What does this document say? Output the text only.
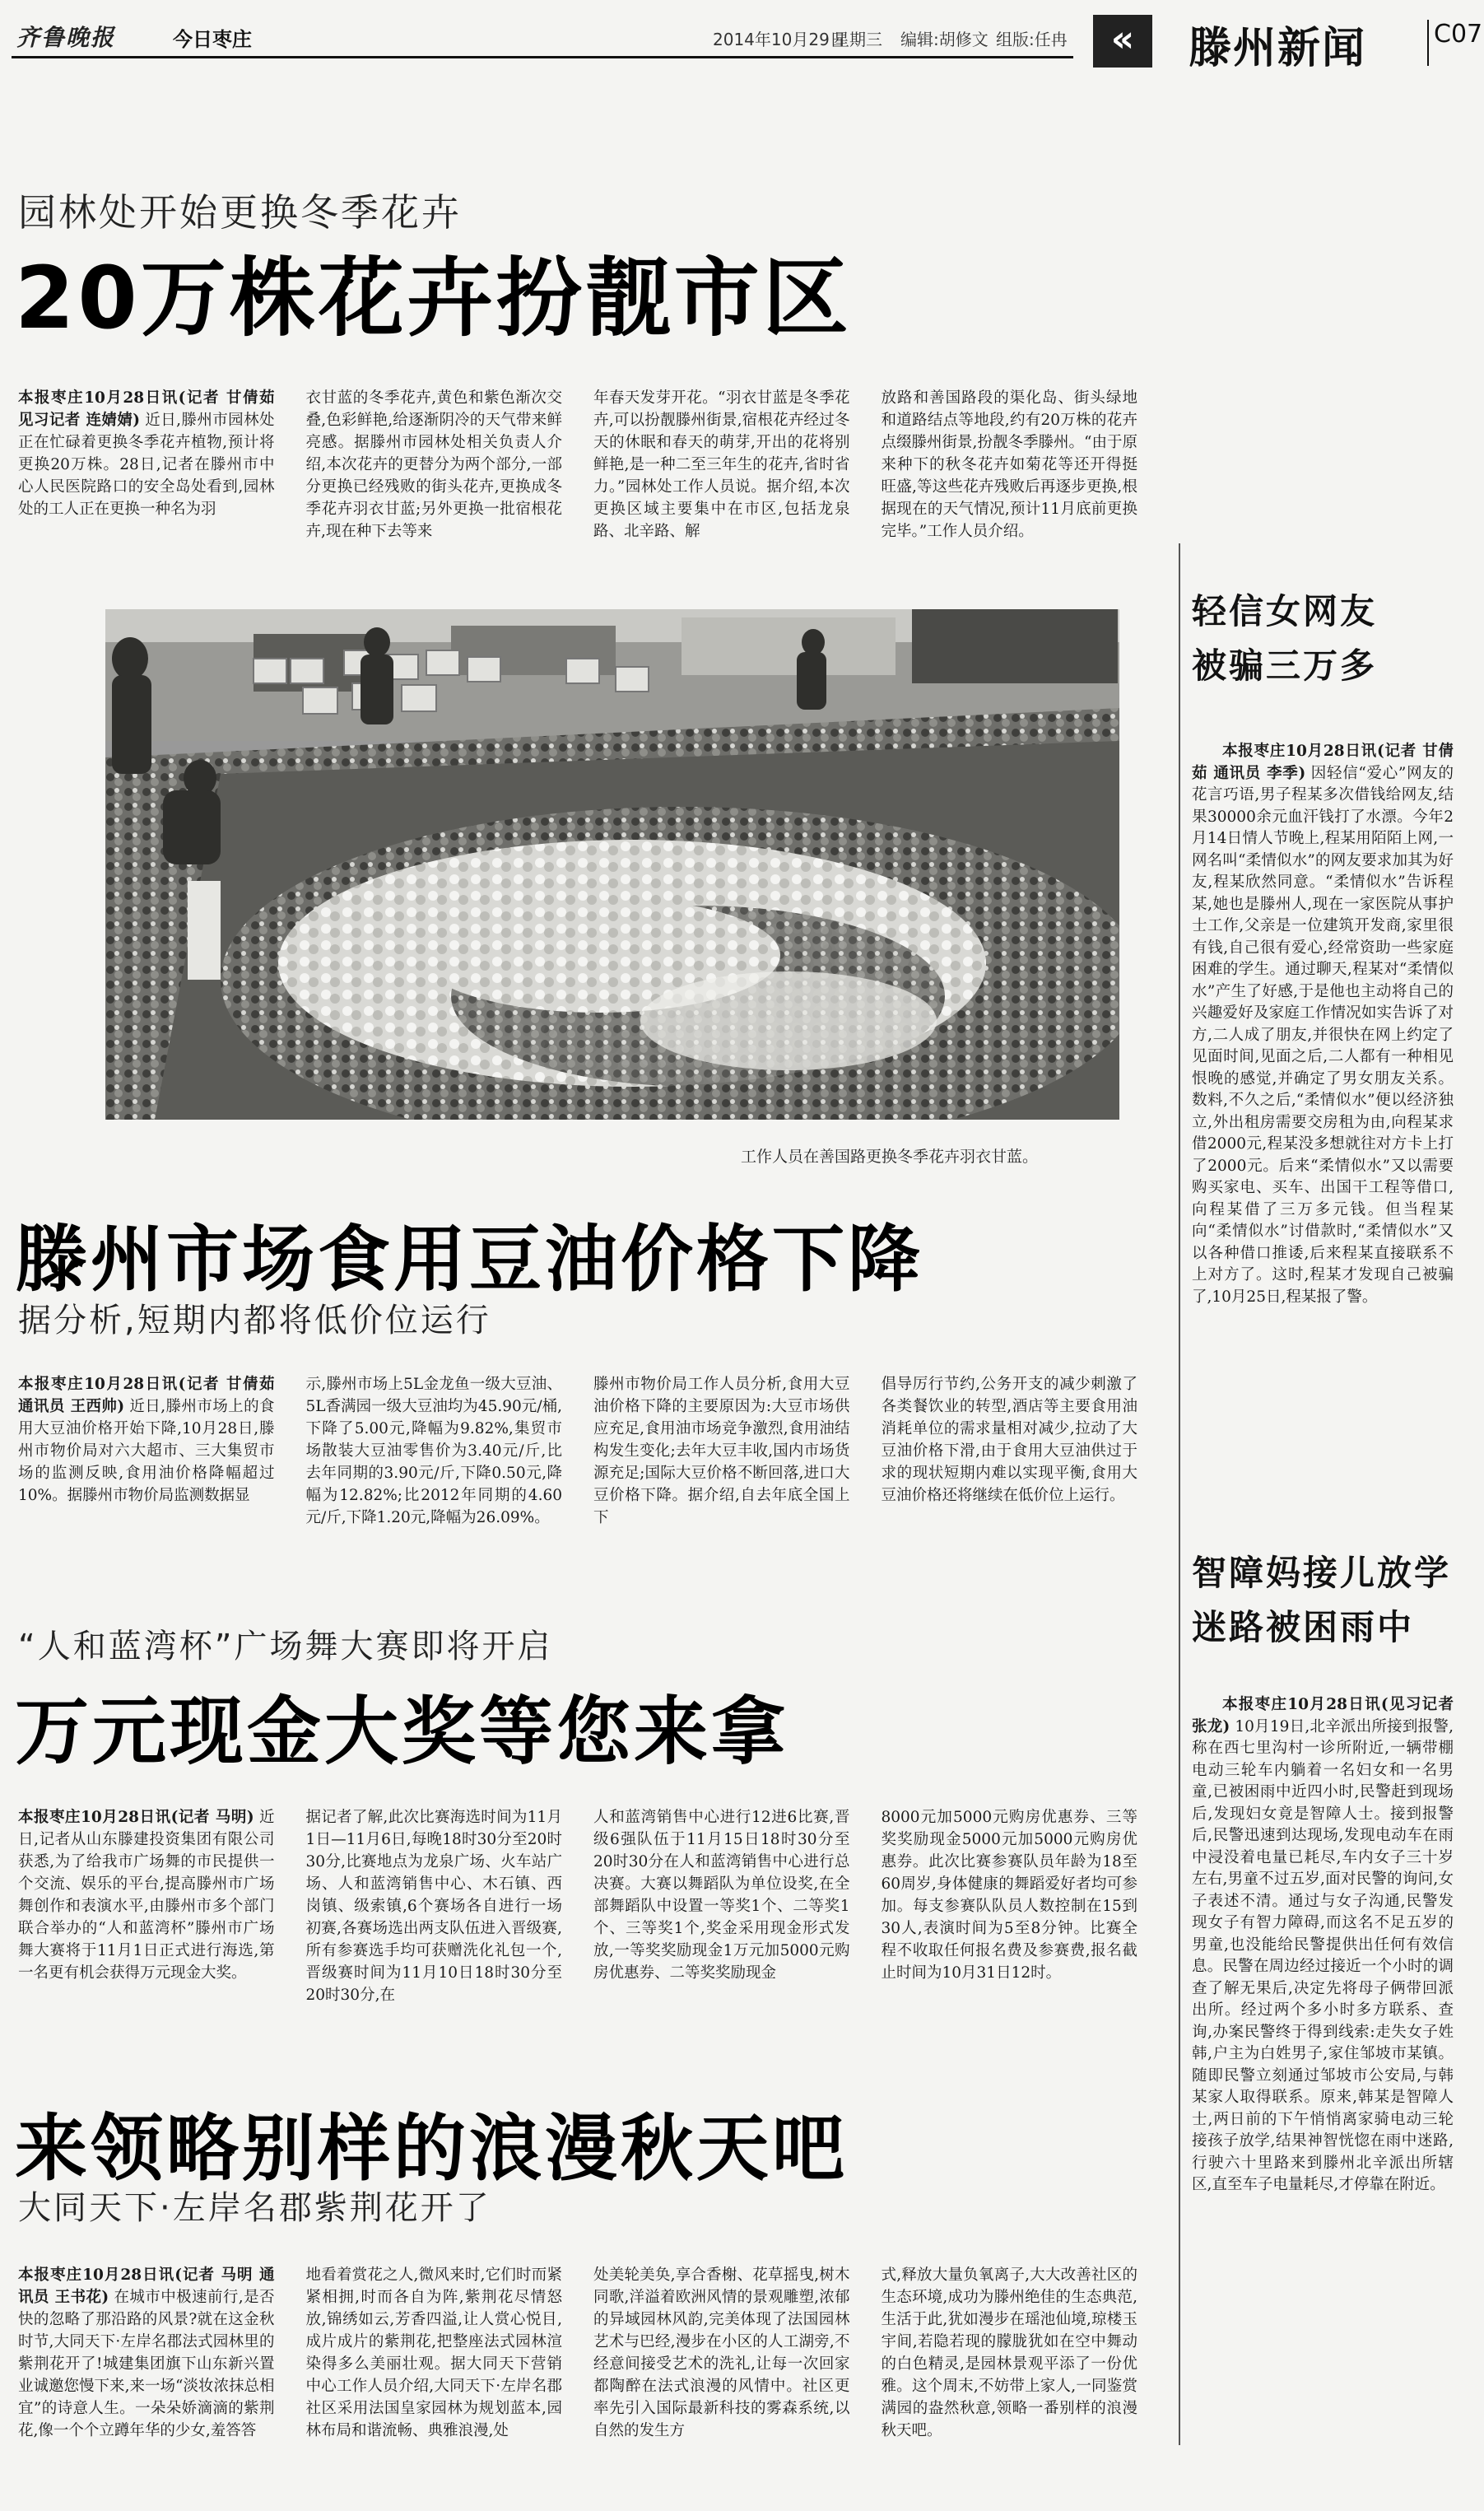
齐鲁晚报	今日枣庄	2014年10月29日
星期三 编辑:胡修文 组版:任冉	«	滕州新闻	C07
园林处开始更换冬季花卉
20万株花卉扮靓市区
本报枣庄10月28日讯(记者 甘倩茹 见习记者 连婧婧) 近日,滕州市园林处正在忙碌着更换冬季花卉植物,预计将更换20万株。28日,记者在滕州市中心人民医院路口的安全岛处看到,园林处的工人正在更换一种名为羽
衣甘蓝的冬季花卉,黄色和紫色渐次交叠,色彩鲜艳,给逐渐阴冷的天气带来鲜亮感。据滕州市园林处相关负责人介绍,本次花卉的更替分为两个部分,一部分更换已经残败的街头花卉,更换成冬季花卉羽衣甘蓝;另外更换一批宿根花卉,现在种下去等来
年春天发芽开花。“羽衣甘蓝是冬季花卉,可以扮靓滕州街景,宿根花卉经过冬天的休眠和春天的萌芽,开出的花将别鲜艳,是一种二至三年生的花卉,省时省力。”园林处工作人员说。据介绍,本次更换区域主要集中在市区,包括龙泉路、北辛路、解
放路和善国路段的渠化岛、街头绿地和道路结点等地段,约有20万株的花卉点缀滕州街景,扮靓冬季滕州。“由于原来种下的秋冬花卉如菊花等还开得挺旺盛,等这些花卉残败后再逐步更换,根据现在的天气情况,预计11月底前更换完毕。”工作人员介绍。
工作人员在善国路更换冬季花卉羽衣甘蓝。
滕州市场食用豆油价格下降
据分析,短期内都将低价位运行
本报枣庄10月28日讯(记者 甘倩茹 通讯员 王西帅) 近日,滕州市场上的食用大豆油价格开始下降,10月28日,滕州市物价局对六大超市、三大集贸市场的监测反映,食用油价格降幅超过10%。据滕州市物价局监测数据显
示,滕州市场上5L金龙鱼一级大豆油、5L香满园一级大豆油均为45.90元/桶,下降了5.00元,降幅为9.82%,集贸市场散装大豆油零售价为3.40元/斤,比去年同期的3.90元/斤,下降0.50元,降幅为12.82%;比2012年同期的4.60元/斤,下降1.20元,降幅为26.09%。
滕州市物价局工作人员分析,食用大豆油价格下降的主要原因为:大豆市场供应充足,食用油市场竞争激烈,食用油结构发生变化;去年大豆丰收,国内市场货源充足;国际大豆价格不断回落,进口大豆价格下降。据介绍,自去年底全国上下
倡导厉行节约,公务开支的减少刺激了各类餐饮业的转型,酒店等主要食用油消耗单位的需求量相对减少,拉动了大豆油价格下滑,由于食用大豆油供过于求的现状短期内难以实现平衡,食用大豆油价格还将继续在低价位上运行。
“人和蓝湾杯”广场舞大赛即将开启
万元现金大奖等您来拿
本报枣庄10月28日讯(记者 马明) 近日,记者从山东滕建投资集团有限公司获悉,为了给我市广场舞的市民提供一个交流、娱乐的平台,提高滕州市广场舞创作和表演水平,由滕州市多个部门联合举办的“人和蓝湾杯”滕州市广场舞大赛将于11月1日正式进行海选,第一名更有机会获得万元现金大奖。
据记者了解,此次比赛海选时间为11月1日—11月6日,每晚18时30分至20时30分,比赛地点为龙泉广场、火车站广场、人和蓝湾销售中心、木石镇、西岗镇、级索镇,6个赛场各自进行一场初赛,各赛场选出两支队伍进入晋级赛,所有参赛选手均可获赠洗化礼包一个,晋级赛时间为11月10日18时30分至20时30分,在
人和蓝湾销售中心进行12进6比赛,晋级6强队伍于11月15日18时30分至20时30分在人和蓝湾销售中心进行总决赛。大赛以舞蹈队为单位设奖,在全部舞蹈队中设置一等奖1个、二等奖1个、三等奖1个,奖金采用现金形式发放,一等奖奖励现金1万元加5000元购房优惠券、二等奖奖励现金
8000元加5000元购房优惠券、三等奖奖励现金5000元加5000元购房优惠券。此次比赛参赛队员年龄为18至60周岁,身体健康的舞蹈爱好者均可参加。每支参赛队队员人数控制在15到30人,表演时间为5至8分钟。比赛全程不收取任何报名费及参赛费,报名截止时间为10月31日12时。
来领略别样的浪漫秋天吧
大同天下·左岸名郡紫荆花开了
本报枣庄10月28日讯(记者 马明 通讯员 王书花) 在城市中极速前行,是否快的忽略了那沿路的风景?就在这金秋时节,大同天下·左岸名郡法式园林里的紫荆花开了!城建集团旗下山东新兴置业诚邀您慢下来,来一场“淡妆浓抹总相宜”的诗意人生。一朵朵娇滴滴的紫荆花,像一个个立蹲年华的少女,羞答答
地看着赏花之人,微风来时,它们时而紧紧相拥,时而各自为阵,紫荆花尽情怒放,锦绣如云,芳香四溢,让人赏心悦目,成片成片的紫荆花,把整座法式园林渲染得多么美丽壮观。据大同天下营销中心工作人员介绍,大同天下·左岸名郡社区采用法国皇家园林为规划蓝本,园林布局和谐流畅、典雅浪漫,处
处美轮美奂,享合香榭、花草摇曳,树木同歌,洋溢着欧洲风情的景观雕塑,浓郁的异域园林风韵,完美体现了法国园林艺术与巴经,漫步在小区的人工湖旁,不经意间接受艺术的洗礼,让每一次回家都陶醉在法式浪漫的风情中。社区更率先引入国际最新科技的雾森系统,以自然的发生方
式,释放大量负氧离子,大大改善社区的生态环境,成功为滕州绝佳的生态典范,生活于此,犹如漫步在瑶池仙境,琼楼玉宇间,若隐若现的朦胧犹如在空中舞动的白色精灵,是园林景观平添了一份优雅。这个周末,不妨带上家人,一同鉴赏满园的盎然秋意,领略一番别样的浪漫秋天吧。
轻信女网友
被骗三万多

本报枣庄10月28日讯(记者 甘倩茹 通讯员 李季) 因轻信“爱心”网友的花言巧语,男子程某多次借钱给网友,结果30000余元血汗钱打了水漂。今年2月14日情人节晚上,程某用陌陌上网,一网名叫“柔情似水”的网友要求加其为好友,程某欣然同意。“柔情似水”告诉程某,她也是滕州人,现在一家医院从事护士工作,父亲是一位建筑开发商,家里很有钱,自己很有爱心,经常资助一些家庭困难的学生。通过聊天,程某对“柔情似水”产生了好感,于是他也主动将自己的兴趣爱好及家庭工作情况如实告诉了对方,二人成了朋友,并很快在网上约定了见面时间,见面之后,二人都有一种相见恨晚的感觉,并确定了男女朋友关系。数料,不久之后,“柔情似水”便以经济独立,外出租房需要交房租为由,向程某求借2000元,程某没多想就往对方卡上打了2000元。后来“柔情似水”又以需要购买家电、买车、出国干工程等借口,向程某借了三万多元钱。但当程某向“柔情似水”讨借款时,“柔情似水”又以各种借口推诿,后来程某直接联系不上对方了。这时,程某才发现自己被骗了,10月25日,程某报了警。

智障妈接儿放学
迷路被困雨中

本报枣庄10月28日讯(见习记者 张龙) 10月19日,北辛派出所接到报警,称在西七里沟村一诊所附近,一辆带棚电动三轮车内躺着一名妇女和一名男童,已被困雨中近四小时,民警赶到现场后,发现妇女竟是智障人士。接到报警后,民警迅速到达现场,发现电动车在雨中浸没着电量已耗尽,车内女子三十岁左右,男童不过五岁,面对民警的询问,女子表述不清。通过与女子沟通,民警发现女子有智力障碍,而这名不足五岁的男童,也没能给民警提供出任何有效信息。民警在周边经过接近一个小时的调查了解无果后,决定先将母子俩带回派出所。经过两个多小时多方联系、查询,办案民警终于得到线索:走失女子姓韩,户主为白姓男子,家住邹坡市某镇。随即民警立刻通过邹坡市公安局,与韩某家人取得联系。原来,韩某是智障人士,两日前的下午悄悄离家骑电动三轮接孩子放学,结果神智恍惚在雨中迷路,行驶六十里路来到滕州北辛派出所辖区,直至车子电量耗尽,才停靠在附近。
